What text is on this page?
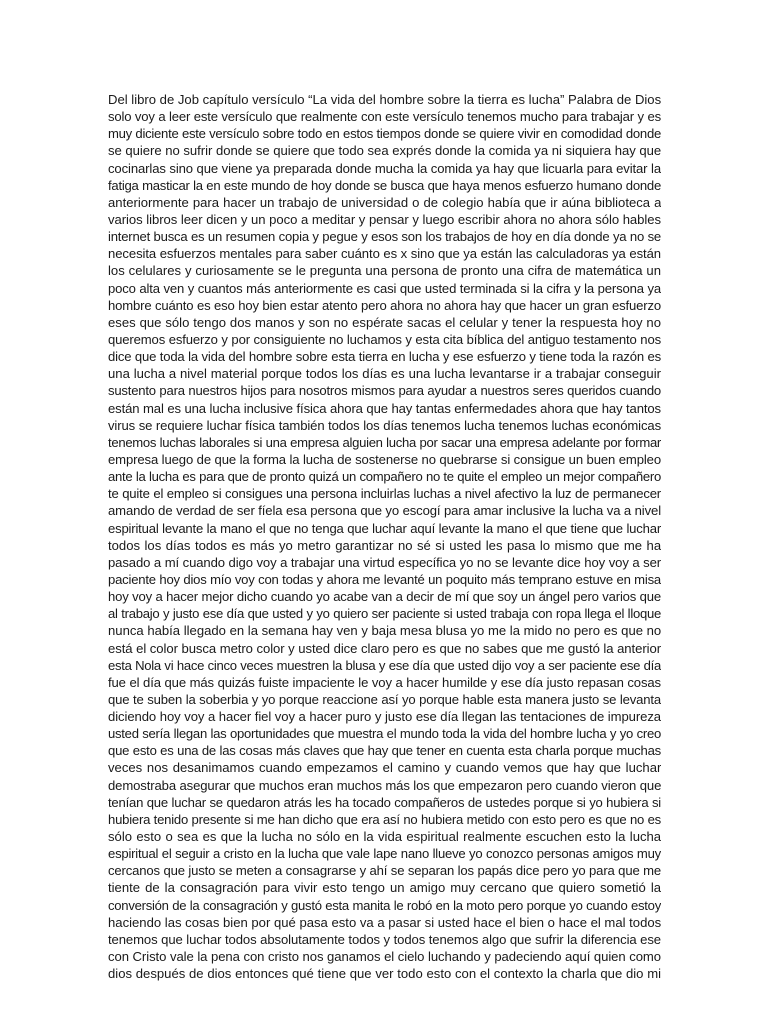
Del libro de Job capítulo versículo “La vida del hombre sobre la tierra es lucha” Palabra de Dios
solo voy a leer este versículo que realmente con este versículo tenemos mucho para trabajar y es
muy diciente este versículo sobre todo en estos tiempos donde se quiere vivir en comodidad donde
se quiere no sufrir donde se quiere que todo sea exprés donde la comida ya ni siquiera hay que
cocinarlas sino que viene ya preparada donde mucha la comida ya hay que licuarla para evitar la
fatiga masticar la en este mundo de hoy donde se busca que haya menos esfuerzo humano donde
anteriormente para hacer un trabajo de universidad o de colegio había que ir aúna biblioteca a
varios libros leer dicen y un poco a meditar y pensar y luego escribir ahora no ahora sólo hables
internet busca es un resumen copia y pegue y esos son los trabajos de hoy en día donde ya no se
necesita esfuerzos mentales para saber cuánto es x sino que ya están las calculadoras ya están
los celulares y curiosamente se le pregunta una persona de pronto una cifra de matemática un
poco alta ven y cuantos más anteriormente es casi que usted terminada si la cifra y la persona ya
hombre cuánto es eso hoy bien estar atento pero ahora no ahora hay que hacer un gran esfuerzo
eses que sólo tengo dos manos y son no espérate sacas el celular y tener la respuesta hoy no
queremos esfuerzo y por consiguiente no luchamos y esta cita bíblica del antiguo testamento nos
dice que toda la vida del hombre sobre esta tierra en lucha y ese esfuerzo y tiene toda la razón es
una lucha a nivel material porque todos los días es una lucha levantarse ir a trabajar conseguir
sustento para nuestros hijos para nosotros mismos para ayudar a nuestros seres queridos cuando
están mal es una lucha inclusive física ahora que hay tantas enfermedades ahora que hay tantos
virus se requiere luchar física también todos los días tenemos lucha tenemos luchas económicas
tenemos luchas laborales si una empresa alguien lucha por sacar una empresa adelante por formar
empresa luego de que la forma la lucha de sostenerse no quebrarse si consigue un buen empleo
ante la lucha es para que de pronto quizá un compañero no te quite el empleo un mejor compañero
te quite el empleo si consigues una persona incluirlas luchas a nivel afectivo la luz de permanecer
amando de verdad de ser fíela esa persona que yo escogí para amar inclusive la lucha va a nivel
espiritual levante la mano el que no tenga que luchar aquí levante la mano el que tiene que luchar
todos los días todos es más yo metro garantizar no sé si usted les pasa lo mismo que me ha
pasado a mí cuando digo voy a trabajar una virtud específica yo no se levante dice hoy voy a ser
paciente hoy dios mío voy con todas y ahora me levanté un poquito más temprano estuve en misa
hoy voy a hacer mejor dicho cuando yo acabe van a decir de mí que soy un ángel pero varios que
al trabajo y justo ese día que usted y yo quiero ser paciente si usted trabaja con ropa llega el lloque
nunca había llegado en la semana hay ven y baja mesa blusa yo me la mido no pero es que no
está el color busca metro color y usted dice claro pero es que no sabes que me gustó la anterior
esta Nola vi hace cinco veces muestren la blusa y ese día que usted dijo voy a ser paciente ese día
fue el día que más quizás fuiste impaciente le voy a hacer humilde y ese día justo repasan cosas
que te suben la soberbia y yo porque reaccione así yo porque hable esta manera justo se levanta
diciendo hoy voy a hacer fiel voy a hacer puro y justo ese día llegan las tentaciones de impureza
usted sería llegan las oportunidades que muestra el mundo toda la vida del hombre lucha y yo creo
que esto es una de las cosas más claves que hay que tener en cuenta esta charla porque muchas
veces nos desanimamos cuando empezamos el camino y cuando vemos que hay que luchar
demostraba asegurar que muchos eran muchos más los que empezaron pero cuando vieron que
tenían que luchar se quedaron atrás les ha tocado compañeros de ustedes porque si yo hubiera si
hubiera tenido presente si me han dicho que era así no hubiera metido con esto pero es que no es
sólo esto o sea es que la lucha no sólo en la vida espiritual realmente escuchen esto la lucha
espiritual el seguir a cristo en la lucha que vale lape nano llueve yo conozco personas amigos muy
cercanos que justo se meten a consagrarse y ahí se separan los papás dice pero yo para que me
tiente de la consagración para vivir esto tengo un amigo muy cercano que quiero sometió la
conversión de la consagración y gustó esta manita le robó en la moto pero porque yo cuando estoy
haciendo las cosas bien por qué pasa esto va a pasar si usted hace el bien o hace el mal todos
tenemos que luchar todos absolutamente todos y todos tenemos algo que sufrir la diferencia ese
con Cristo vale la pena con cristo nos ganamos el cielo luchando y padeciendo aquí quien como
dios después de dios entonces qué tiene que ver todo esto con el contexto la charla que dio mi
